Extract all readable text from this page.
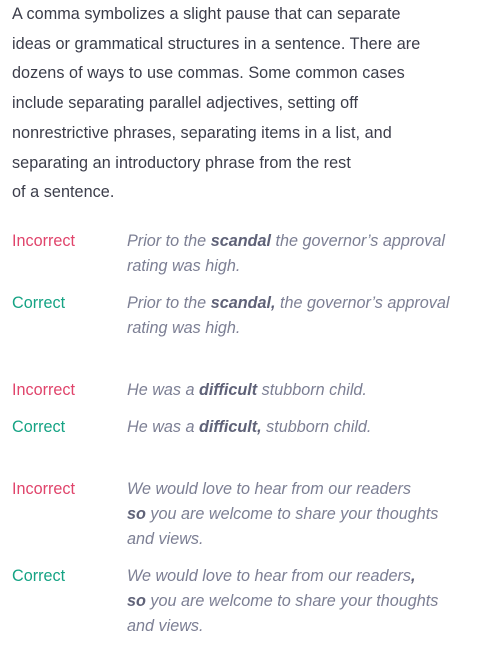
A comma symbolizes a slight pause that can separate
ideas or grammatical structures in a sentence. There are
dozens of ways to use commas. Some common cases
include separating parallel adjectives, setting off
nonrestrictive phrases, separating items in a list, and
separating an introductory phrase from the rest
of a sentence.

Incorrect	Prior to the scandal the governor’s approval
rating was high.
Correct	Prior to the scandal, the governor’s approval
rating was high.
Incorrect	He was a difficult stubborn child.
Correct	He was a difficult, stubborn child.
Incorrect	We would love to hear from our readers
so you are welcome to share your thoughts
and views.
Correct	We would love to hear from our readers,
so you are welcome to share your thoughts
and views.
